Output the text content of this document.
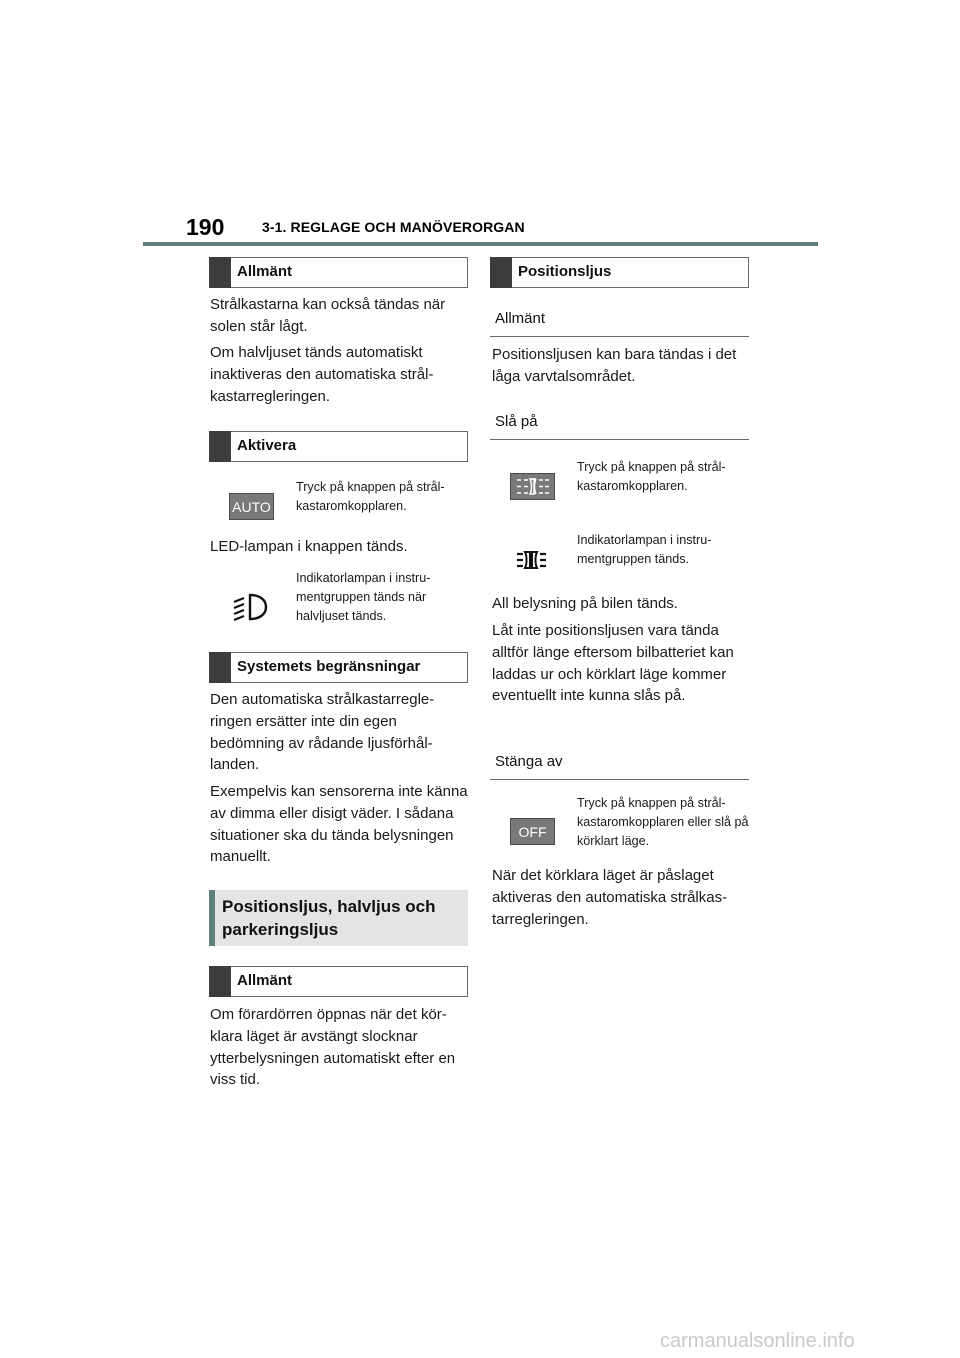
190	3-1. REGLAGE OCH MANÖVERORGAN
Allmänt
Strålkastarna kan också tändas när solen står lågt.
Om halvljuset tänds automatiskt inaktiveras den automatiska strål-kastarregleringen.
Aktivera
AUTO
Tryck på knappen på strål-kastaromkopplaren.
LED-lampan i knappen tänds.
Indikatorlampan i instru-mentgruppen tänds när halvljuset tänds.
Systemets begränsningar
Den automatiska strålkastarregle-ringen ersätter inte din egen bedömning av rådande ljusförhål-landen.
Exempelvis kan sensorerna inte känna av dimma eller disigt väder. I sådana situationer ska du tända belysningen manuellt.
Positionsljus, halvljus och parkeringsljus
Allmänt
Om förardörren öppnas när det kör-klara läget är avstängt slocknar ytterbelysningen automatiskt efter en viss tid.
Positionsljus
Allmänt
Positionsljusen kan bara tändas i det låga varvtalsområdet.
Slå på
Tryck på knappen på strål-kastaromkopplaren.
Indikatorlampan i instru-mentgruppen tänds.
All belysning på bilen tänds.
Låt inte positionsljusen vara tända alltför länge eftersom bilbatteriet kan laddas ur och körklart läge kommer eventuellt inte kunna slås på.
Stänga av
OFF
Tryck på knappen på strål-kastaromkopplaren eller slå på körklart läge.
När det körklara läget är påslaget aktiveras den automatiska strålkas-tarregleringen.
carmanualsonline.info
